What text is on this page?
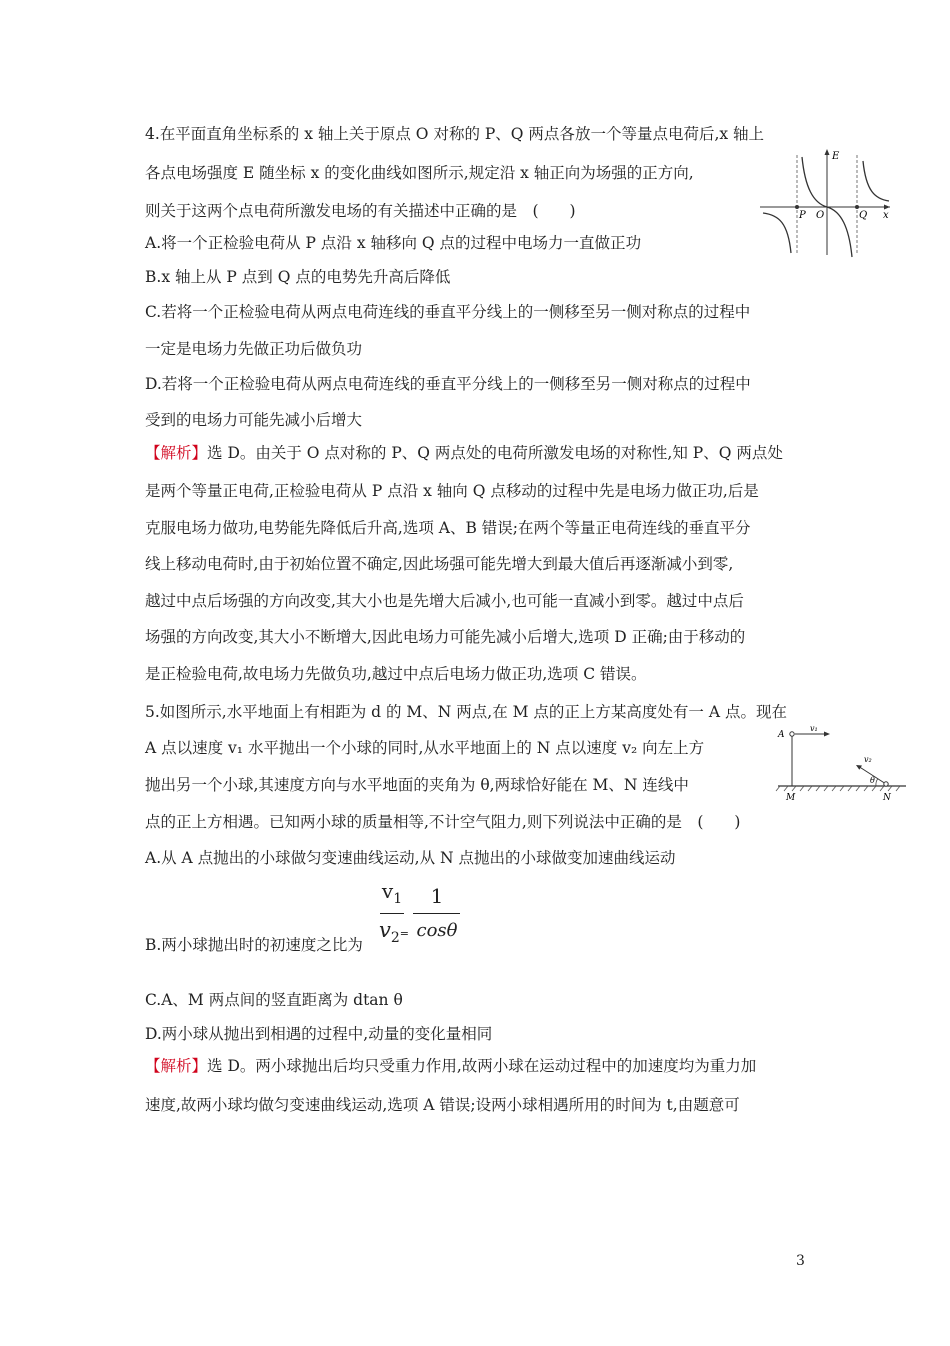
4.在平面直角坐标系的 x 轴上关于原点 O 对称的 P、Q 两点各放一个等量点电荷后,x 轴上
各点电场强度 E 随坐标 x 的变化曲线如图所示,规定沿 x 轴正向为场强的正方向,
则关于这两个点电荷所激发电场的有关描述中正确的是　(　　)
A.将一个正检验电荷从 P 点沿 x 轴移向 Q 点的过程中电场力一直做正功
B.x 轴上从 P 点到 Q 点的电势先升高后降低
C.若将一个正检验电荷从两点电荷连线的垂直平分线上的一侧移至另一侧对称点的过程中
一定是电场力先做正功后做负功
D.若将一个正检验电荷从两点电荷连线的垂直平分线上的一侧移至另一侧对称点的过程中
受到的电场力可能先减小后增大
【解析】选 D。由关于 O 点对称的 P、Q 两点处的电荷所激发电场的对称性,知 P、Q 两点处
是两个等量正电荷,正检验电荷从 P 点沿 x 轴向 Q 点移动的过程中先是电场力做正功,后是
克服电场力做功,电势能先降低后升高,选项 A、B 错误;在两个等量正电荷连线的垂直平分
线上移动电荷时,由于初始位置不确定,因此场强可能先增大到最大值后再逐渐减小到零,
越过中点后场强的方向改变,其大小也是先增大后减小,也可能一直减小到零。越过中点后
场强的方向改变,其大小不断增大,因此电场力可能先减小后增大,选项 D 正确;由于移动的
是正检验电荷,故电场力先做负功,越过中点后电场力做正功,选项 C 错误。
E
P O	Q x
5.如图所示,水平地面上有相距为 d 的 M、N 两点,在 M 点的正上方某高度处有一 A 点。现在
A 点以速度 v₁ 水平抛出一个小球的同时,从水平地面上的 N 点以速度 v₂ 向左上方
抛出另一个小球,其速度方向与水平地面的夹角为 θ,两球恰好能在 M、N 连线中
点的正上方相遇。已知两小球的质量相等,不计空气阻力,则下列说法中正确的是　(　　)
A.从 A 点抛出的小球做匀变速曲线运动,从 N 点抛出的小球做变加速曲线运动
B.两小球抛出时的初速度之比为
$v_1$
$v_2=$
1
cosθ
C.A、M 两点间的竖直距离为 dtan θ
D.两小球从抛出到相遇的过程中,动量的变化量相同
【解析】选 D。两小球抛出后均只受重力作用,故两小球在运动过程中的加速度均为重力加
速度,故两小球均做匀变速曲线运动,选项 A 错误;设两小球相遇所用的时间为 t,由题意可
A
v₁
v₂
θ
M	N
3
